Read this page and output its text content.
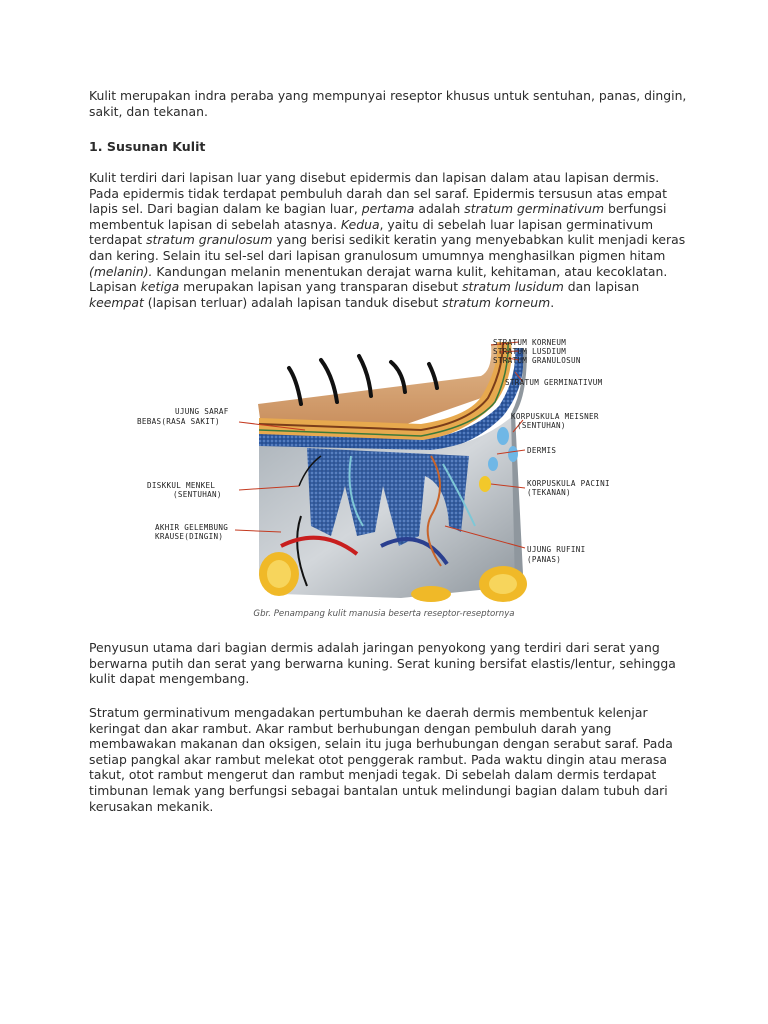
Kulit merupakan indra peraba yang mempunyai reseptor khusus untuk sentuhan, panas, dingin, sakit, dan tekanan.

1. Susunan Kulit

Kulit terdiri dari lapisan luar yang disebut epidermis dan lapisan dalam atau lapisan dermis. Pada epidermis tidak terdapat pembuluh darah dan sel saraf. Epidermis tersusun atas empat lapis sel. Dari bagian dalam ke bagian luar, pertama adalah stratum germinativum berfungsi membentuk lapisan di sebelah atasnya. Kedua, yaitu di sebelah luar lapisan germinativum terdapat stratum granulosum yang berisi sedikit keratin yang menyebabkan kulit menjadi keras dan kering. Selain itu sel-sel dari lapisan granulosum umumnya menghasilkan pigmen hitam (melanin). Kandungan melanin menentukan derajat warna kulit, kehitaman, atau kecoklatan. Lapisan ketiga merupakan lapisan yang transparan disebut stratum lusidum dan lapisan keempat (lapisan terluar) adalah lapisan tanduk disebut stratum korneum.

Penyusun utama dari bagian dermis adalah jaringan penyokong yang terdiri dari serat yang berwarna putih dan serat yang berwarna kuning. Serat kuning bersifat elastis/lentur, sehingga kulit dapat mengembang.

Stratum germinativum mengadakan pertumbuhan ke daerah dermis membentuk kelenjar keringat dan akar rambut. Akar rambut berhubungan dengan pembuluh darah yang membawakan makanan dan oksigen, selain itu juga berhubungan dengan serabut saraf. Pada setiap pangkal akar rambut melekat otot penggerak rambut. Pada waktu dingin atau merasa takut, otot rambut mengerut dan rambut menjadi tegak. Di sebelah dalam dermis terdapat timbunan lemak yang berfungsi sebagai bantalan untuk melindungi bagian dalam tubuh dari kerusakan mekanik.

STRATUM KORNEUM
STRATUM LUSDIUM
STRATUM GRANULOSUN
STRATUM GERMINATIVUM
KORPUSKULA MEISNER
(SENTUHAN)
DERMIS
KORPUSKULA PACINI
(TEKANAN)
UJUNG RUFINI
(PANAS)
UJUNG SARAF
BEBAS(RASA SAKIT)
DISKKUL MENKEL
(SENTUHAN)
AKHIR GELEMBUNG
KRAUSE(DINGIN)
Gbr. Penampang kulit manusia beserta reseptor-reseptornya
